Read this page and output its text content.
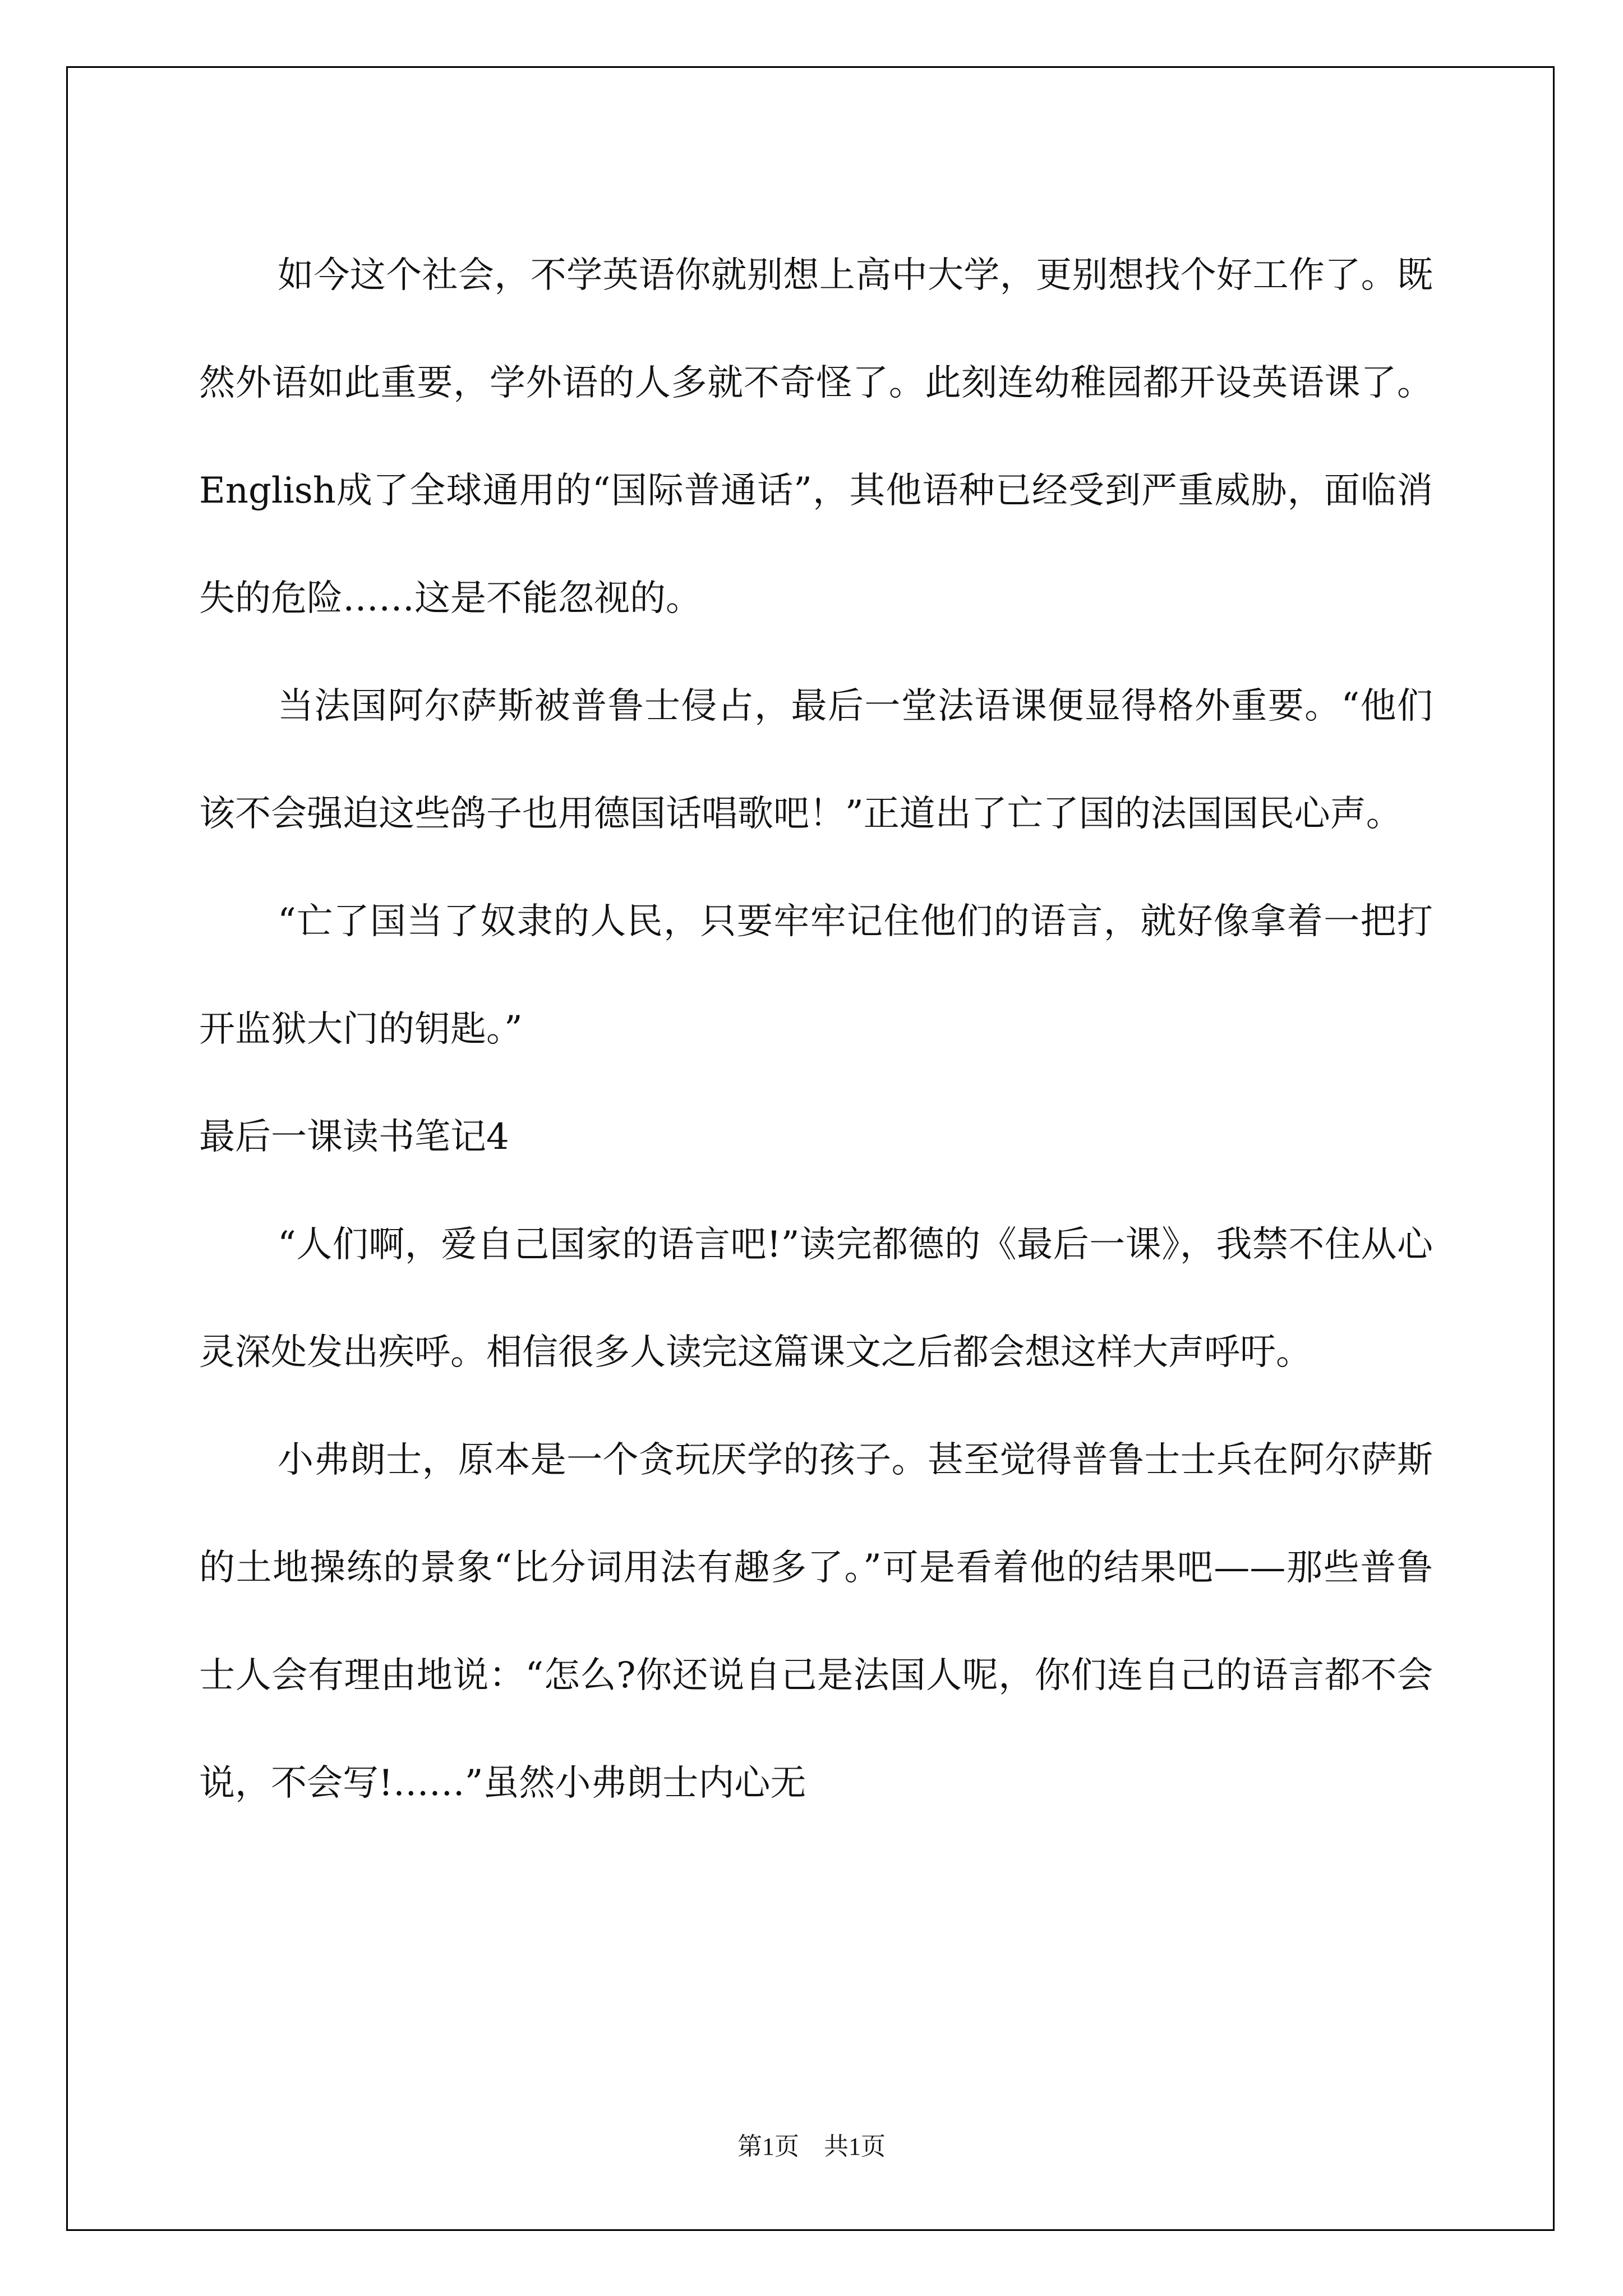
如今这个社会，不学英语你就别想上高中大学，更别想找个好工作了。既然外语如此重要，学外语的人多就不奇怪了。此刻连幼稚园都开设英语课了。English成了全球通用的“国际普通话”，其他语种已经受到严重威胁，面临消失的危险……这是不能忽视的。

当法国阿尔萨斯被普鲁士侵占，最后一堂法语课便显得格外重要。“他们该不会强迫这些鸽子也用德国话唱歌吧！”正道出了亡了国的法国国民心声。

“亡了国当了奴隶的人民，只要牢牢记住他们的语言，就好像拿着一把打开监狱大门的钥匙。”

最后一课读书笔记4

“人们啊，爱自己国家的语言吧!”读完都德的《最后一课》，我禁不住从心灵深处发出疾呼。相信很多人读完这篇课文之后都会想这样大声呼吁。

小弗朗士，原本是一个贪玩厌学的孩子。甚至觉得普鲁士士兵在阿尔萨斯的土地操练的景象“比分词用法有趣多了。”可是看着他的结果吧——那些普鲁士人会有理由地说：“怎么?你还说自己是法国人呢，你们连自己的语言都不会说，不会写!……”虽然小弗朗士内心无

第1页　共1页
